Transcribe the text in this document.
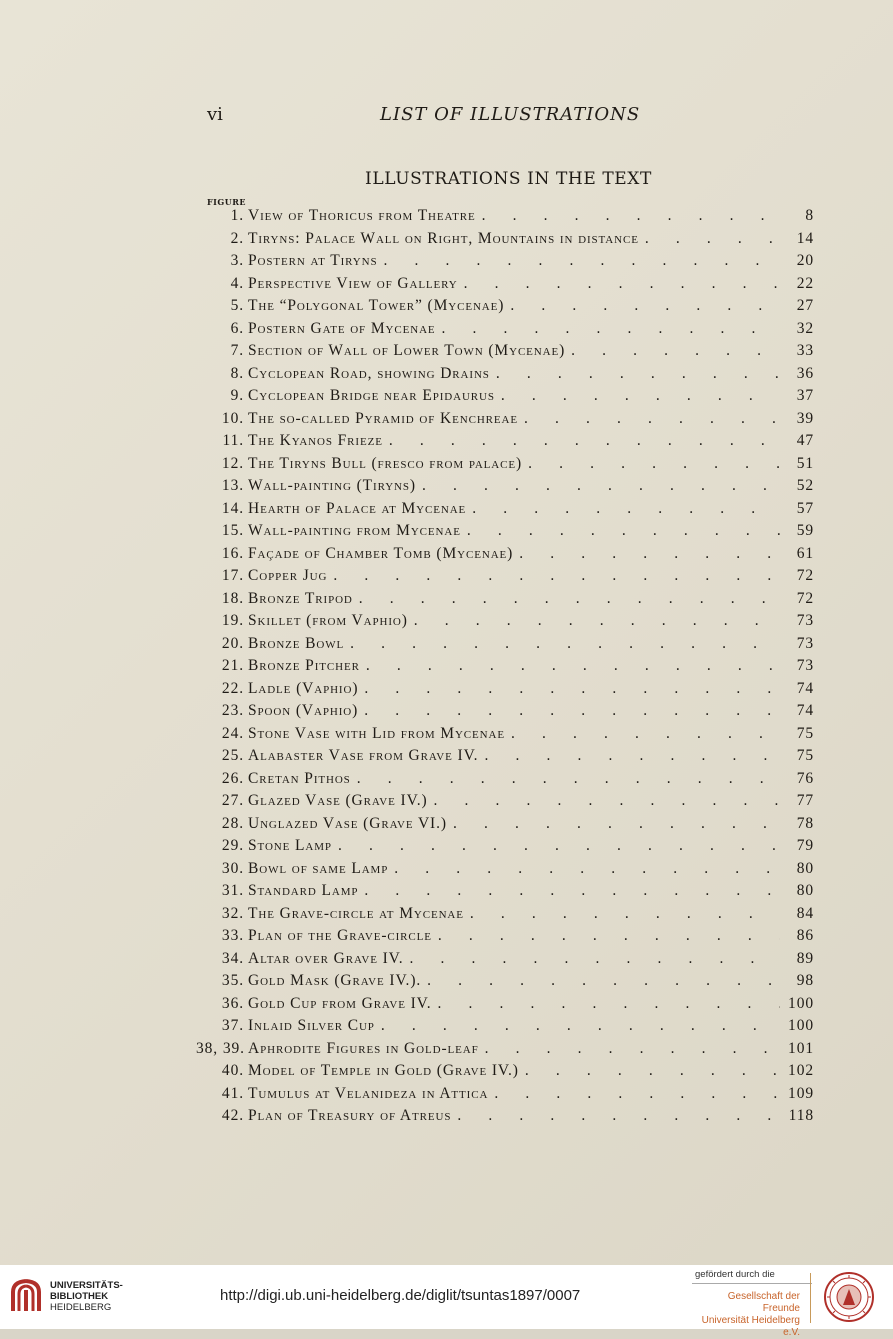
vi	LIST OF ILLUSTRATIONS
ILLUSTRATIONS IN THE TEXT
FIGURE
1. View of Thoricus from Theatre .	8
2. Tiryns: Palace Wall on Right, Mountains in distance .	14
3. Postern at Tiryns .	20
4. Perspective View of Gallery .	22
5. The “Polygonal Tower” (Mycenae) .	27
6. Postern Gate of Mycenae .	32
7. Section of Wall of Lower Town (Mycenae) .	33
8. Cyclopean Road, showing Drains .	36
9. Cyclopean Bridge near Epidaurus .	37
10. The so-called Pyramid of Kenchreae .	39
11. The Kyanos Frieze .	47
12. The Tiryns Bull (fresco from palace) .	51
13. Wall-painting (Tiryns) .	52
14. Hearth of Palace at Mycenae .	57
15. Wall-painting from Mycenae .	59
16. Façade of Chamber Tomb (Mycenae) .	61
17. Copper Jug .	72
18. Bronze Tripod .	72
19. Skillet (from Vaphio) .	73
20. Bronze Bowl .	73
21. Bronze Pitcher .	73
22. Ladle (Vaphio) .	74
23. Spoon (Vaphio) .	74
24. Stone Vase with Lid from Mycenae .	75
25. Alabaster Vase from Grave IV. .	75
26. Cretan Pithos .	76
27. Glazed Vase (Grave IV.) .	77
28. Unglazed Vase (Grave VI.) .	78
29. Stone Lamp .	79
30. Bowl of same Lamp .	80
31. Standard Lamp .	80
32. The Grave-circle at Mycenae .	84
33. Plan of the Grave-circle .	86
34. Altar over Grave IV. .	89
35. Gold Mask (Grave IV.). .	98
36. Gold Cup from Grave IV. .	100
37. Inlaid Silver Cup .	100
38, 39. Aphrodite Figures in Gold-leaf .	101
40. Model of Temple in Gold (Grave IV.) .	102
41. Tumulus at Velanideza in Attica .	109
42. Plan of Treasury of Atreus .	118
UNIVERSITÄTS-
BIBLIOTHEK
HEIDELBERG
http://digi.ub.uni-heidelberg.de/diglit/tsuntas1897/0007
gefördert durch die
Gesellschaft der Freunde
Universität Heidelberg e.V.
